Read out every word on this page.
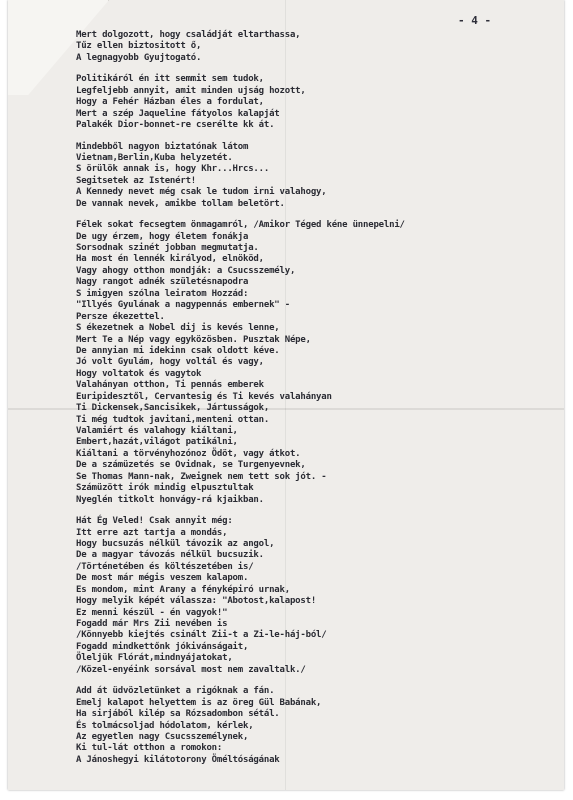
- 4 -
Mert dolgozott, hogy családját eltarthassa,
Tűz ellen biztositott ő,
A legnagyobb Gyujtogató.
Politikáról én itt semmit sem tudok,
Legfeljebb annyit, amit minden ujság hozott,
Hogy a Fehér Házban éles a fordulat,
Mert a szép Jaqueline fátyolos kalapját
Palakék Dior-bonnet-re cserélte kk át.
Mindebből nagyon biztatónak látom
Vietnam,Berlin,Kuba helyzetét.
S örülök annak is, hogy Khr...Hrcs...
Segitsetek az Istenért!
A Kennedy nevet még csak le tudom irni valahogy,
De vannak nevek, amikbe tollam beletört.
Félek sokat fecsegtem önmagamról, /Amikor Téged kéne ünnepelni/
De ugy érzem, hogy életem fonákja
Sorsodnak szinét jobban megmutatja.
Ha most én lennék királyod, elnököd,
Vagy ahogy otthon mondják: a Csucsszemély,
Nagy rangot adnék születésnapodra
S imigyen szólna leiratom Hozzád:
"Illyés Gyulának a nagypennás embernek" -
Persze ékezettel.
S ékezetnek a Nobel dij is kevés lenne,
Mert Te a Nép vagy egyközösben. Pusztak Népe,
De annyian mi idekinn csak oldott kéve.
Jó volt Gyulám, hogy voltál és vagy,
Hogy voltatok és vagytok
Valahányan otthon, Ti pennás emberek
Euripidesztől, Cervantesig és Ti kevés valahányan
Ti Dickensek,Sancisikek, Jártusságok,
Ti még tudtok javitani,menteni ottan.
Valamiért és valahogy kiáltani,
Embert,hazát,világot patikálni,
Kiáltani a törvényhozónoz Ödöt, vagy átkot.
De a számüzetés se Ovidnak, se Turgenyevnek,
Se Thomas Mann-nak, Zweignek nem tett sok jót. -
Számüzött irók mindig elpusztultak
Nyeglén titkolt honvágy-rá kjaikban.
Hát Ég Veled! Csak annyit még:
Itt erre azt tartja a mondás,
Hogy bucsuzás nélkül távozik az angol,
De a magyar távozás nélkül bucsuzik.
/Történetében és költészetében is/
De most már mégis veszem kalapom.
Es mondom, mint Arany a fényképiró urnak,
Hogy melyik képét válassza: "Abotost,kalapost!
Ez menni készül - én vagyok!"
Fogadd már Mrs Zii nevében is
/Könnyebb kiejtés csinált Zii-t a Zi-le-háj-ból/
Fogadd mindkettőnk jókivánságait,
Öleljük Flórát,mindnyájatokat,
/Közel-enyéink sorsával most nem zavaltalk./
Add át üdvözletünket a rigóknak a fán.
Emelj kalapot helyettem is az öreg Gül Babának,
Ha sirjából kilép sa Rózsadombon sétál.
És tolmácsoljad hódolatom, kérlek,
Az egyetlen nagy Csucsszemélynek,
Ki tul-lát otthon a romokon:
A Jánoshegyi kilátotorony Öméltóságának
